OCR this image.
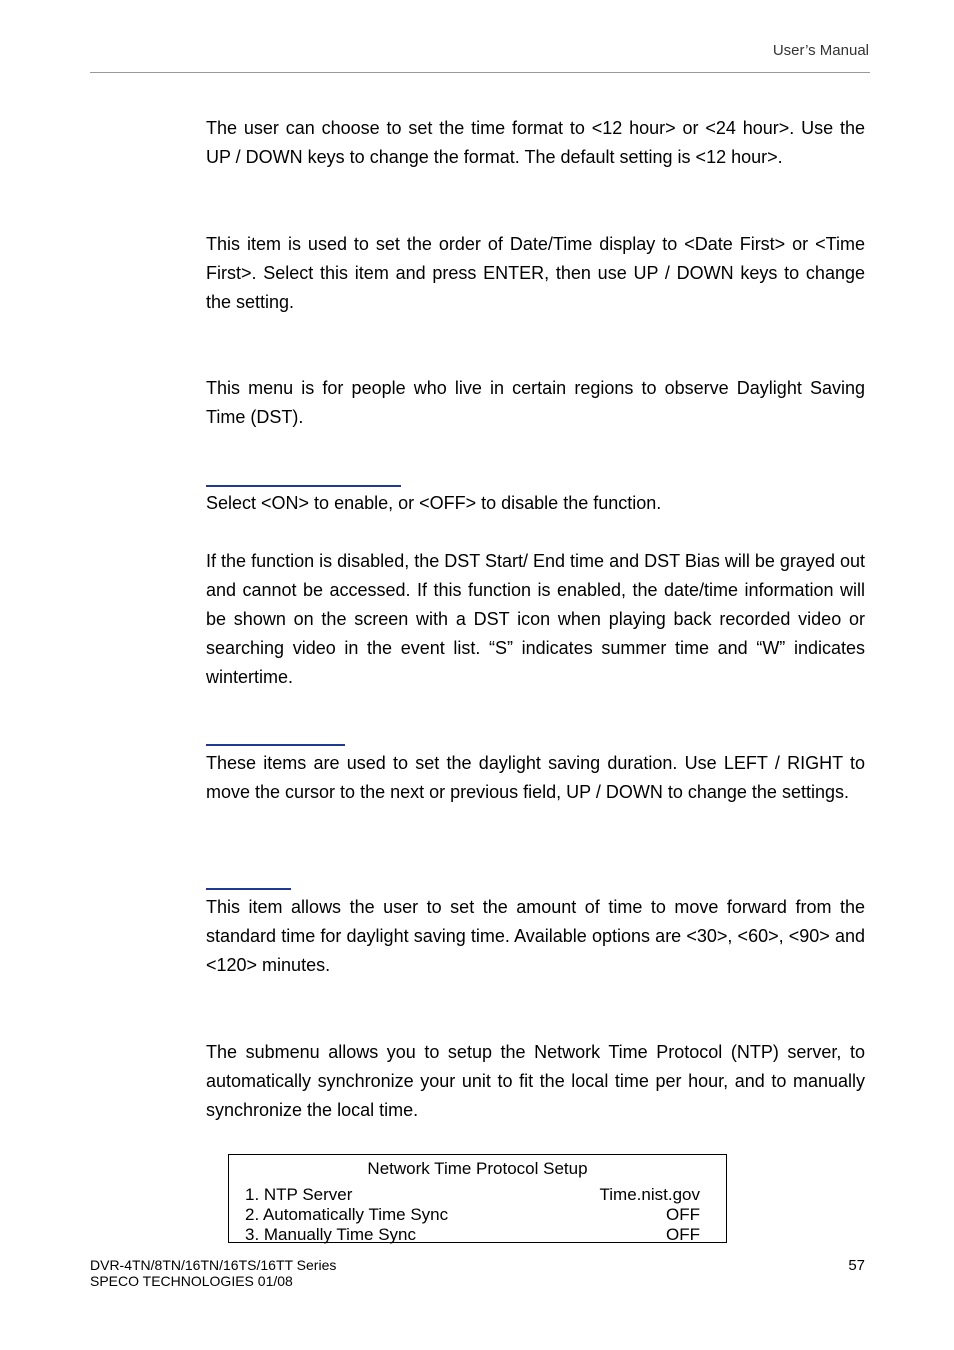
User’s Manual

The user can choose to set the time format to <12 hour> or <24 hour>. Use the UP / DOWN keys to change the format. The default setting is <12 hour>.

This item is used to set the order of Date/Time display to <Date First> or <Time First>. Select this item and press ENTER, then use UP / DOWN keys to change the setting.

This menu is for people who live in certain regions to observe Daylight Saving Time (DST).

Select <ON> to enable, or <OFF> to disable the function.

If the function is disabled, the DST Start/ End time and DST Bias will be grayed out and cannot be accessed. If this function is enabled, the date/time information will be shown on the screen with a DST icon when playing back recorded video or searching video in the event list. “S” indicates summer time and “W” indicates wintertime.

These items are used to set the daylight saving duration. Use LEFT / RIGHT to move the cursor to the next or previous field, UP / DOWN to change the settings.

This item allows the user to set the amount of time to move forward from the standard time for daylight saving time. Available options are <30>, <60>, <90> and <120> minutes.

The submenu allows you to setup the Network Time Protocol (NTP) server, to automatically synchronize your unit to fit the local time per hour, and to manually synchronize the local time.

Network Time Protocol Setup
1. NTP Server	Time.nist.gov
2. Automatically Time Sync	OFF
3. Manually Time Sync	OFF
DVR-4TN/8TN/16TN/16TS/16TT Series
SPECO TECHNOLOGIES 01/08
57
